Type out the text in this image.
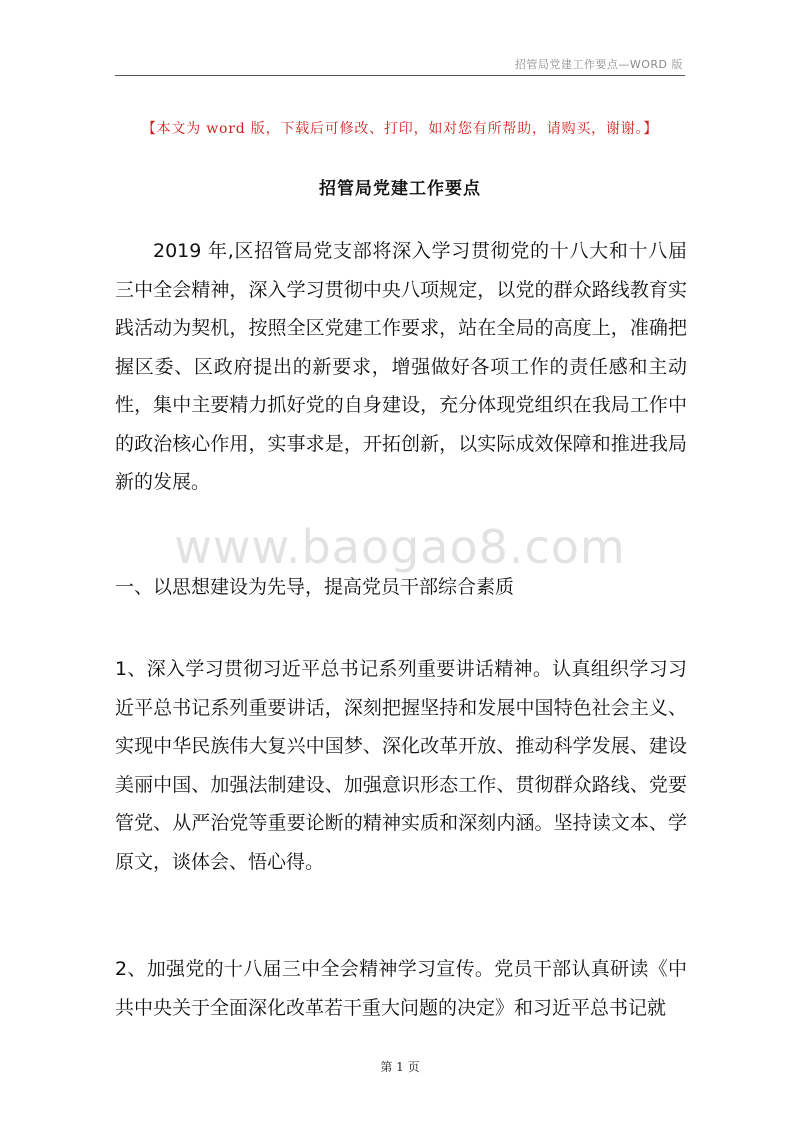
招管局党建工作要点—WORD 版
【本文为 word 版，下载后可修改、打印，如对您有所帮助，请购买，谢谢。】
招管局党建工作要点

2019 年,区招管局党支部将深入学习贯彻党的十八大和十八届三中全会精神，深入学习贯彻中央八项规定，以党的群众路线教育实践活动为契机，按照全区党建工作要求，站在全局的高度上，准确把握区委、区政府提出的新要求，增强做好各项工作的责任感和主动性，集中主要精力抓好党的自身建设，充分体现党组织在我局工作中的政治核心作用，实事求是，开拓创新，以实际成效保障和推进我局新的发展。

www.baogao8.com

一、以思想建设为先导，提高党员干部综合素质

1、深入学习贯彻习近平总书记系列重要讲话精神。认真组织学习习近平总书记系列重要讲话，深刻把握坚持和发展中国特色社会主义、实现中华民族伟大复兴中国梦、深化改革开放、推动科学发展、建设美丽中国、加强法制建设、加强意识形态工作、贯彻群众路线、党要管党、从严治党等重要论断的精神实质和深刻内涵。坚持读文本、学原文，谈体会、悟心得。

2、加强党的十八届三中全会精神学习宣传。党员干部认真研读《中共中央关于全面深化改革若干重大问题的决定》和习近平总书记就

第 1 页
